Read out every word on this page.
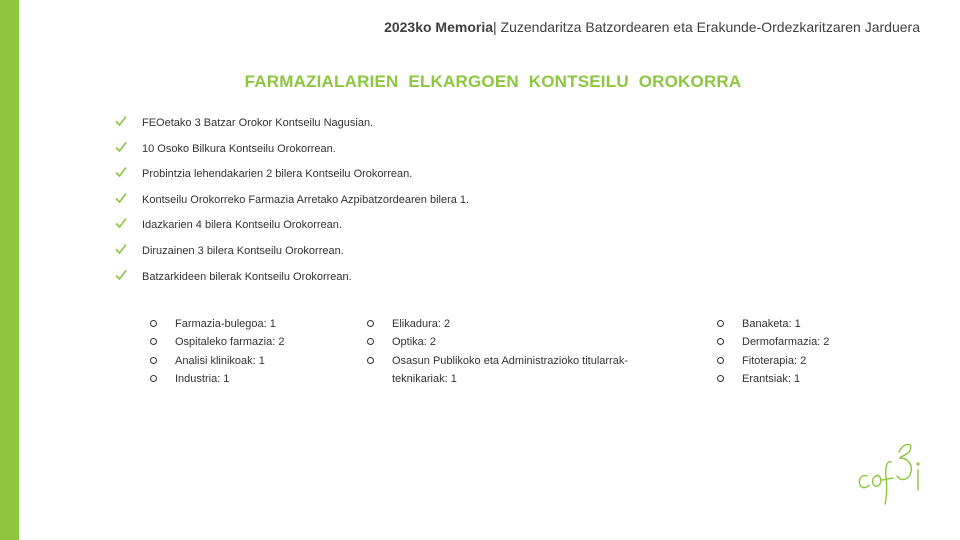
2023ko Memoria| Zuzendaritza Batzordearen eta Erakunde-Ordezkaritzaren Jarduera
FARMAZIALARIEN ELKARGOEN KONTSEILU OROKORRA
FEOetako 3 Batzar Orokor Kontseilu Nagusian.
10 Osoko Bilkura Kontseilu Orokorrean.
Probintzia lehendakarien 2 bilera Kontseilu Orokorrean.
Kontseilu Orokorreko Farmazia Arretako Azpibatzordearen bilera 1.
Idazkarien 4 bilera Kontseilu Orokorrean.
Diruzainen 3 bilera Kontseilu Orokorrean.
Batzarkideen bilerak Kontseilu Orokorrean.
Farmazia-bulegoa: 1
Ospitaleko farmazia: 2
Analisi klinikoak: 1
Industria: 1
Elikadura: 2
Optika: 2
Osasun Publikoko eta Administrazioko titularrak-teknikariak: 1
Banaketa: 1
Dermofarmazia: 2
Fitoterapia: 2
Erantsiak: 1
